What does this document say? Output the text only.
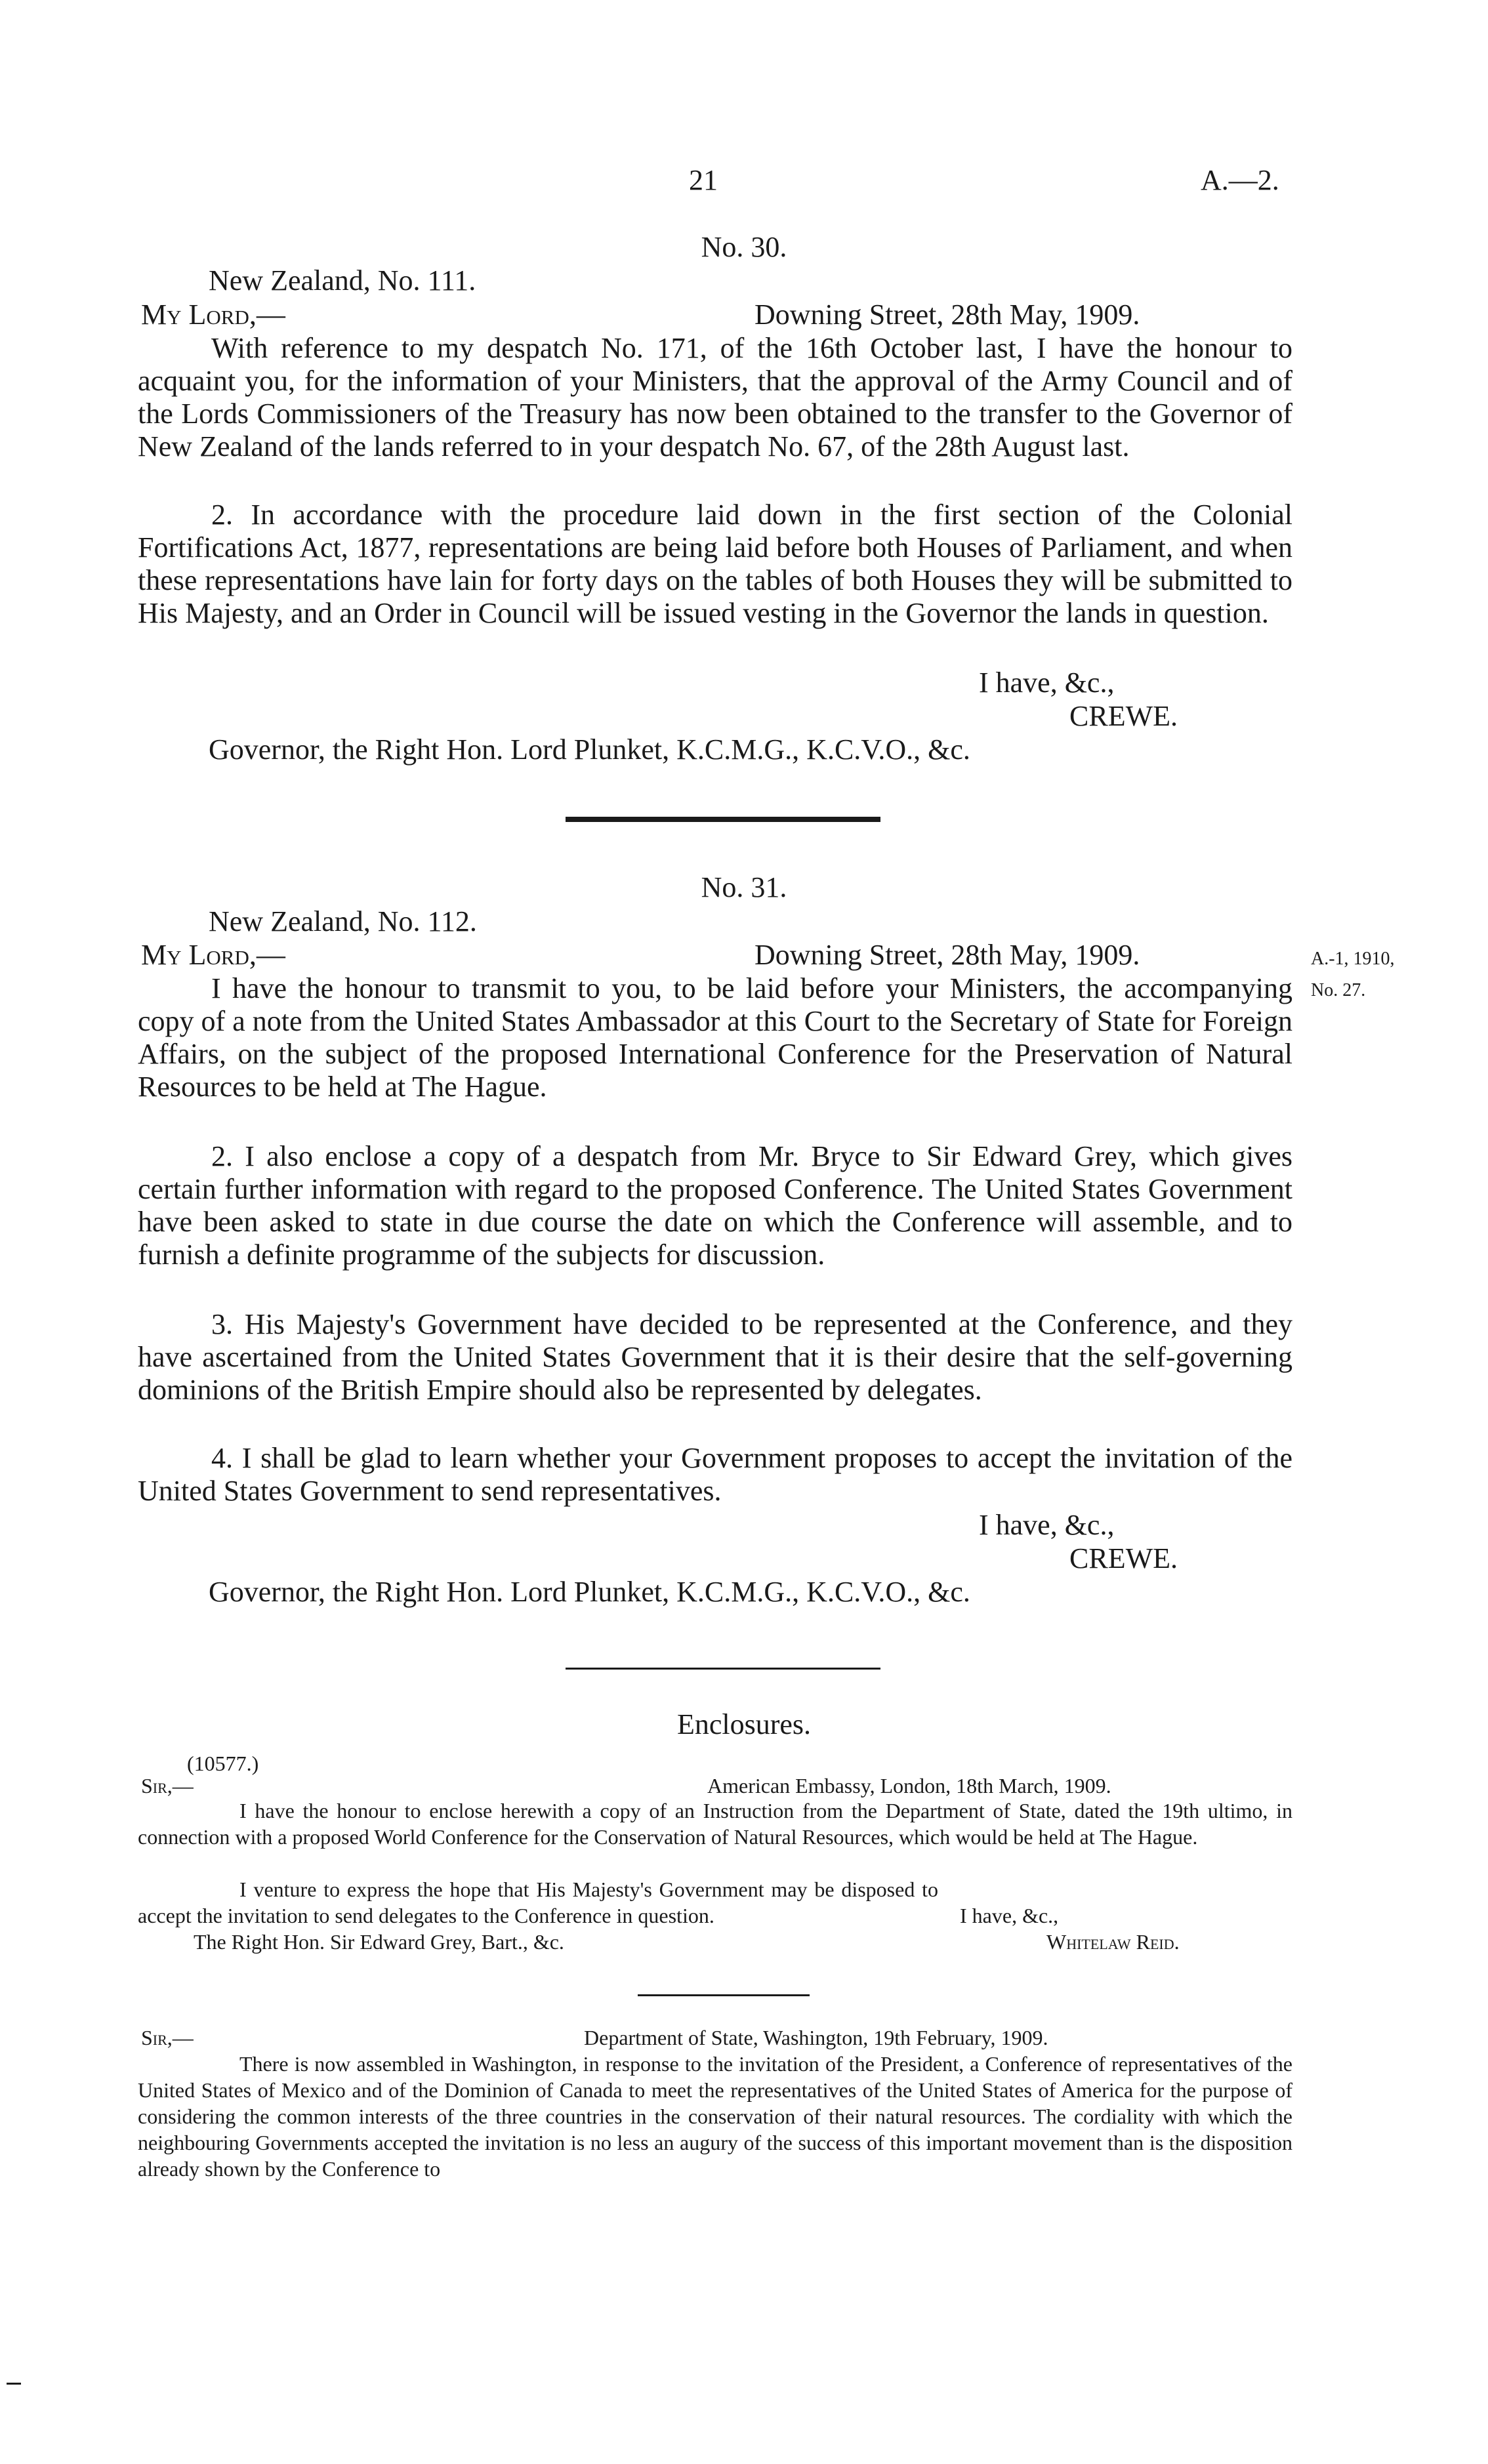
21	A.—2.
No. 30.
New Zealand, No. 111.
My Lord,—	Downing Street, 28th May, 1909.
With reference to my despatch No. 171, of the 16th October last, I have the honour to acquaint you, for the information of your Ministers, that the approval of the Army Council and of the Lords Commissioners of the Treasury has now been obtained to the transfer to the Governor of New Zealand of the lands referred to in your despatch No. 67, of the 28th August last.
2. In accordance with the procedure laid down in the first section of the Colonial Fortifications Act, 1877, representations are being laid before both Houses of Parliament, and when these representations have lain for forty days on the tables of both Houses they will be submitted to His Majesty, and an Order in Council will be issued vesting in the Governor the lands in question.
I have, &c.,
CREWE.
Governor, the Right Hon. Lord Plunket, K.C.M.G., K.C.V.O., &c.
No. 31.
New Zealand, No. 112.
My Lord,—	Downing Street, 28th May, 1909.	A.-1, 1910,
No. 27.
I have the honour to transmit to you, to be laid before your Ministers, the accompanying copy of a note from the United States Ambassador at this Court to the Secretary of State for Foreign Affairs, on the subject of the proposed International Conference for the Preservation of Natural Resources to be held at The Hague.
2. I also enclose a copy of a despatch from Mr. Bryce to Sir Edward Grey, which gives certain further information with regard to the proposed Conference. The United States Government have been asked to state in due course the date on which the Conference will assemble, and to furnish a definite programme of the subjects for discussion.
3. His Majesty's Government have decided to be represented at the Conference, and they have ascertained from the United States Government that it is their desire that the self-governing dominions of the British Empire should also be represented by delegates.
4. I shall be glad to learn whether your Government proposes to accept the invitation of the United States Government to send representatives.
I have, &c.,
CREWE.
Governor, the Right Hon. Lord Plunket, K.C.M.G., K.C.V.O., &c.
Enclosures.
(10577.)
Sir,—	American Embassy, London, 18th March, 1909.
I have the honour to enclose herewith a copy of an Instruction from the Department of State, dated the 19th ultimo, in connection with a proposed World Conference for the Conservation of Natural Resources, which would be held at The Hague.
I venture to express the hope that His Majesty's Government may be disposed to accept the invitation to send delegates to the Conference in question.	I have, &c.,
The Right Hon. Sir Edward Grey, Bart., &c.	Whitelaw Reid.
Sir,—	Department of State, Washington, 19th February, 1909.
There is now assembled in Washington, in response to the invitation of the President, a Conference of representatives of the United States of Mexico and of the Dominion of Canada to meet the representatives of the United States of America for the purpose of considering the common interests of the three countries in the conservation of their natural resources. The cordiality with which the neighbouring Governments accepted the invitation is no less an augury of the success of this important movement than is the disposition already shown by the Conference to
